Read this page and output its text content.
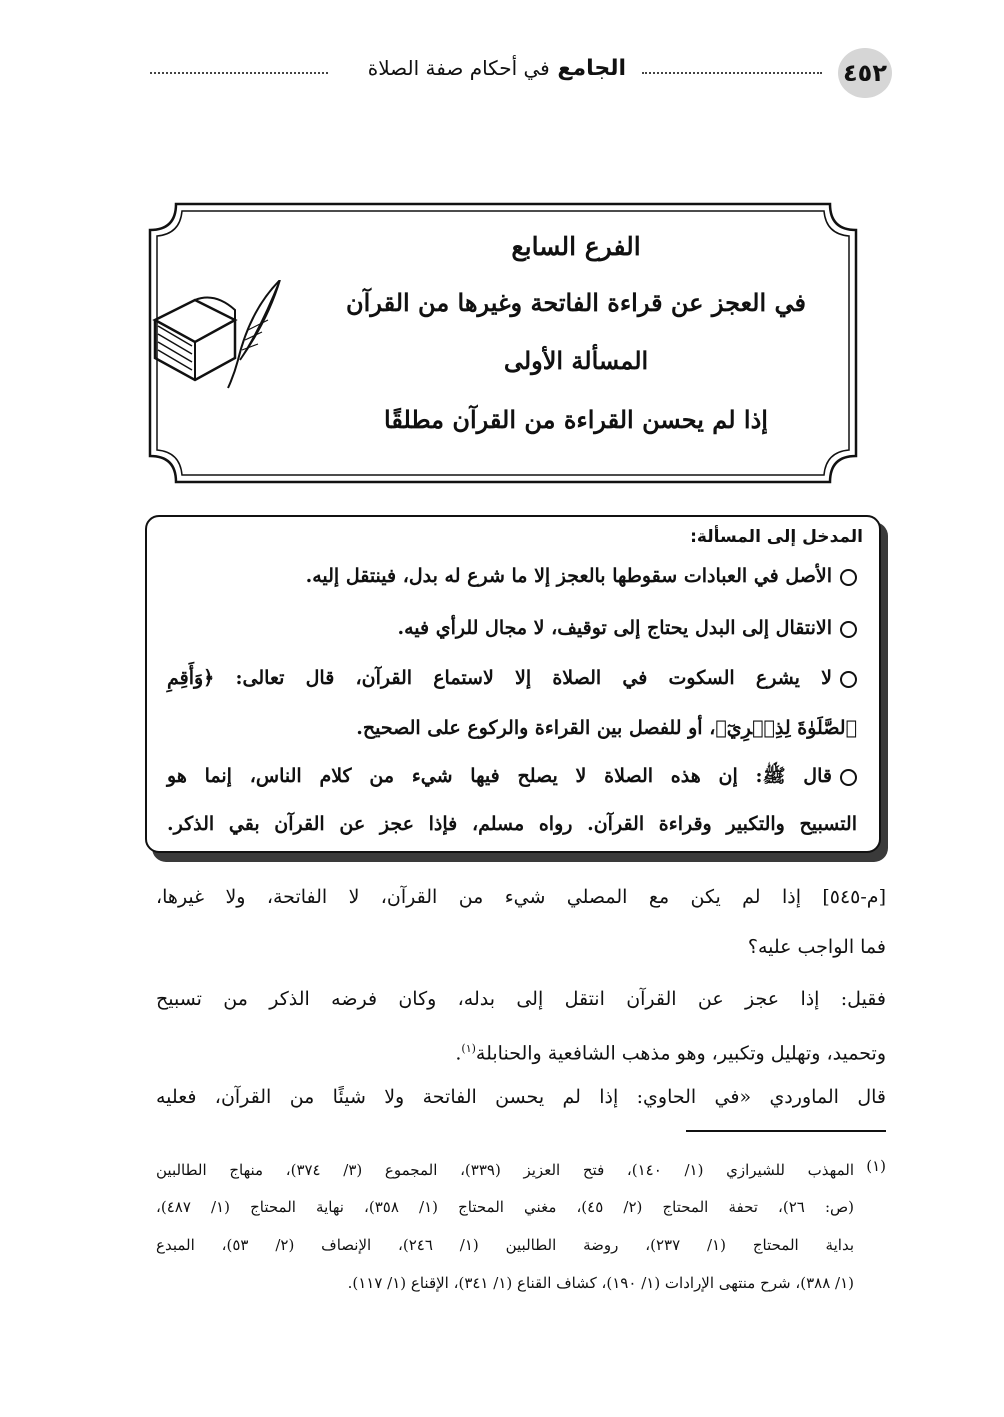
٤٥٢
الجامع في أحكام صفة الصلاة
الفرع السابع
في العجز عن قراءة الفاتحة وغيرها من القرآن
المسألة الأولى
إذا لم يحسن القراءة من القرآن مطلقًا
المدخل إلى المسألة:
الأصل في العبادات سقوطها بالعجز إلا ما شرع له بدل، فينتقل إليه.
الانتقال إلى البدل يحتاج إلى توقيف، لا مجال للرأي فيه.
لا يشرع السكوت في الصلاة إلا لاستماع القرآن، قال تعالى: ﴿وَأَقِمِ
ٱلصَّلَوٰةَ لِذِكۡرِيٓ﴾، أو للفصل بين القراءة والركوع على الصحيح.
قال ﷺ: إن هذه الصلاة لا يصلح فيها شيء من كلام الناس، إنما هو
التسبيح والتكبير وقراءة القرآن. رواه مسلم، فإذا عجز عن القرآن بقي الذكر.
[م-٥٤٥] إذا لم يكن مع المصلي شيء من القرآن، لا الفاتحة، ولا غيرها،
فما الواجب عليه؟
فقيل: إذا عجز عن القرآن انتقل إلى بدله، وكان فرضه الذكر من تسبيح
وتحميد، وتهليل وتكبير، وهو مذهب الشافعية والحنابلة$^{(١)}$.
قال الماوردي «في الحاوي: إذا لم يحسن الفاتحة ولا شيئًا من القرآن، فعليه
(١)
المهذب للشيرازي (١/ ١٤٠)، فتح العزيز (٣٣٩)، المجموع (٣/ ٣٧٤)، منهاج الطالبين
(ص: ٢٦)، تحفة المحتاج (٢/ ٤٥)، مغني المحتاج (١/ ٣٥٨)، نهاية المحتاج (١/ ٤٨٧)،
بداية المحتاج (١/ ٢٣٧)، روضة الطالبين (١/ ٢٤٦)، الإنصاف (٢/ ٥٣)، المبدع
(١/ ٣٨٨)، شرح منتهى الإرادات (١/ ١٩٠)، كشاف القناع (١/ ٣٤١)، الإقناع (١/ ١١٧).
